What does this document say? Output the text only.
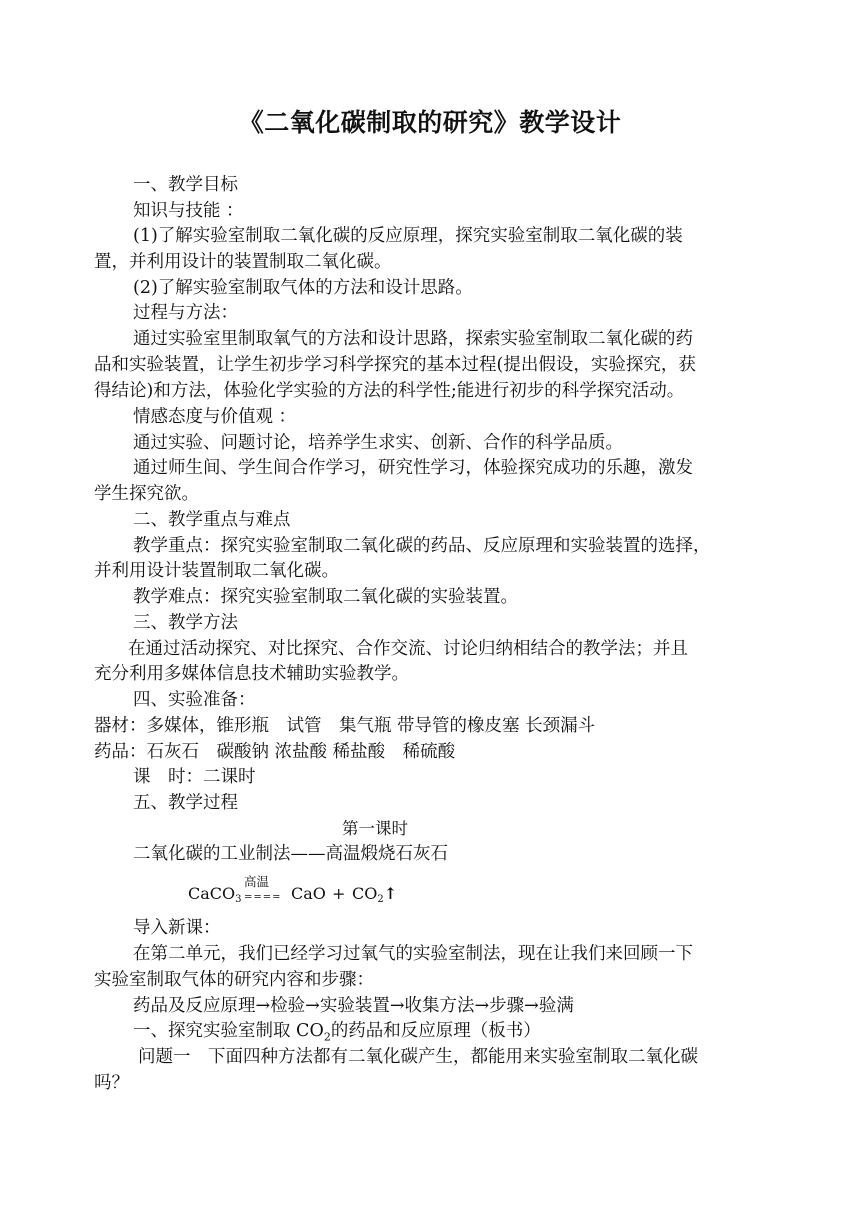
《二氧化碳制取的研究》教学设计
一、教学目标
知识与技能 ：
(1)了解实验室制取二氧化碳的反应原理，探究实验室制取二氧化碳的装
置，并利用设计的装置制取二氧化碳。
(2)了解实验室制取气体的方法和设计思路。
过程与方法：
通过实验室里制取氧气的方法和设计思路，探索实验室制取二氧化碳的药
品和实验装置，让学生初步学习科学探究的基本过程(提出假设，实验探究，获
得结论)和方法，体验化学实验的方法的科学性;能进行初步的科学探究活动。
情感态度与价值观 ：
通过实验、问题讨论，培养学生求实、创新、合作的科学品质。
通过师生间、学生间合作学习，研究性学习，体验探究成功的乐趣，激发
学生探究欲。
二、教学重点与难点
教学重点：探究实验室制取二氧化碳的药品、反应原理和实验装置的选择，
并利用设计装置制取二氧化碳。
教学难点：探究实验室制取二氧化碳的实验装置。
三、教学方法
在通过活动探究、对比探究、合作交流、讨论归纳相结合的教学法；并且
充分利用多媒体信息技术辅助实验教学。
四、实验准备：
器材：多媒体，锥形瓶　试管　集气瓶 带导管的橡皮塞 长颈漏斗
药品：石灰石　碳酸钠 浓盐酸 稀盐酸　稀硫酸
课　时：二课时
五、教学过程
第一课时
二氧化碳的工业制法——高温煅烧石灰石
CaCO$_3$
高温
==== CaO + $CO_2↑$
导入新课：
在第二单元，我们已经学习过氧气的实验室制法，现在让我们来回顾一下
实验室制取气体的研究内容和步骤：
药品及反应原理→检验→实验装置→收集方法→步骤→验满
一、探究实验室制取 $CO_2$的药品和反应原理（板书）
问题一　下面四种方法都有二氧化碳产生，都能用来实验室制取二氧化碳
吗？
